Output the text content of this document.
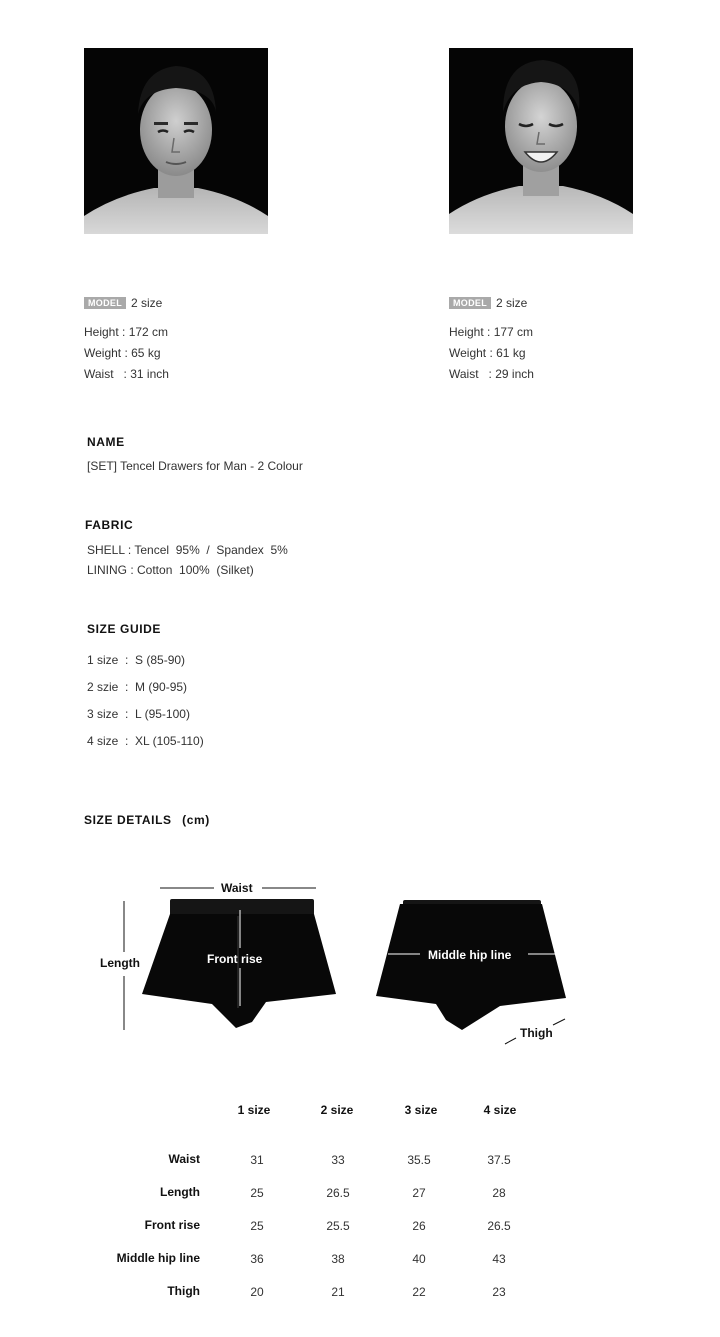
MODEL 2 size
Height : 172 cm
Weight : 65 kg
Waist   : 31 inch
MODEL 2 size
Height : 177 cm
Weight : 61 kg
Waist   : 29 inch
NAME
[SET] Tencel Drawers for Man - 2 Colour
FABRIC
SHELL : Tencel  95%  /  Spandex  5%
LINING : Cotton  100%  (Silket)
SIZE GUIDE
1 size  :  S (85-90)
2 szie  :  M (90-95)
3 size  :  L (95-100)
4 size  :  XL (105-110)
SIZE DETAILS (cm)
Waist
Length	Front rise	Middle hip line
Thigh
1 size	2 size	3 size	4 size
Waist	31	33	35.5	37.5
Length	25	26.5	27	28
Front rise	25	25.5	26	26.5
Middle hip line	36	38	40	43
Thigh	20	21	22	23
